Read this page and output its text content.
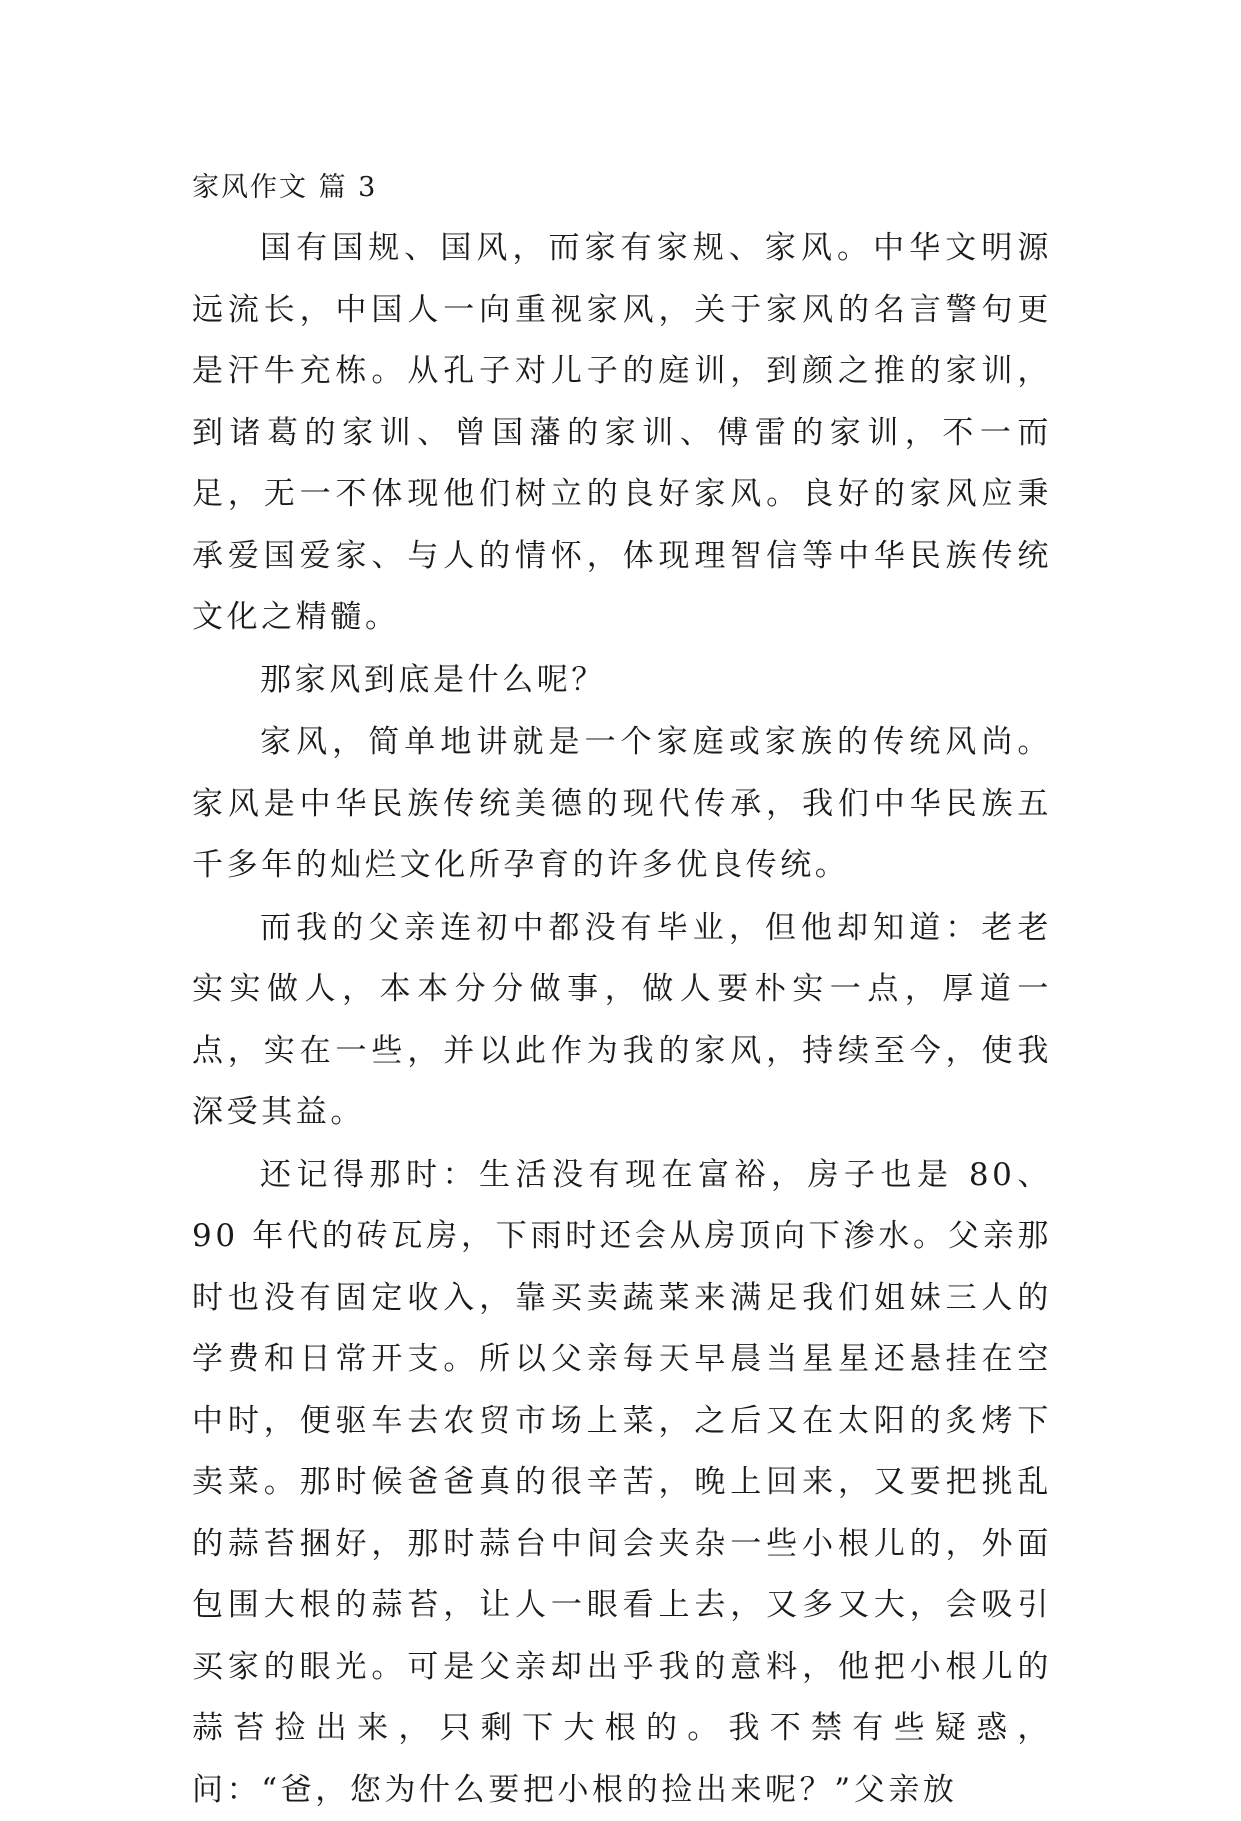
家风作文 篇 3

国有国规、国风，而家有家规、家风。中华文明源远流长，中国人一向重视家风，关于家风的名言警句更是汗牛充栋。从孔子对儿子的庭训，到颜之推的家训，到诸葛的家训、曾国藩的家训、傅雷的家训，不一而足，无一不体现他们树立的良好家风。良好的家风应秉承爱国爱家、与人的情怀，体现理智信等中华民族传统文化之精髓。

那家风到底是什么呢？

家风，简单地讲就是一个家庭或家族的传统风尚。家风是中华民族传统美德的现代传承，我们中华民族五千多年的灿烂文化所孕育的许多优良传统。

而我的父亲连初中都没有毕业，但他却知道：老老实实做人，本本分分做事，做人要朴实一点，厚道一点，实在一些，并以此作为我的家风，持续至今，使我深受其益。

还记得那时：生活没有现在富裕，房子也是 80、90 年代的砖瓦房，下雨时还会从房顶向下渗水。父亲那时也没有固定收入，靠买卖蔬菜来满足我们姐妹三人的学费和日常开支。所以父亲每天早晨当星星还悬挂在空中时，便驱车去农贸市场上菜，之后又在太阳的炙烤下卖菜。那时候爸爸真的很辛苦，晚上回来，又要把挑乱的蒜苔捆好，那时蒜台中间会夹杂一些小根儿的，外面包围大根的蒜苔，让人一眼看上去，又多又大，会吸引买家的眼光。可是父亲却出乎我的意料，他把小根儿的蒜苔捡出来，只剩下大根的。我不禁有些疑惑，问：“爸，您为什么要把小根的捡出来呢？”父亲放
